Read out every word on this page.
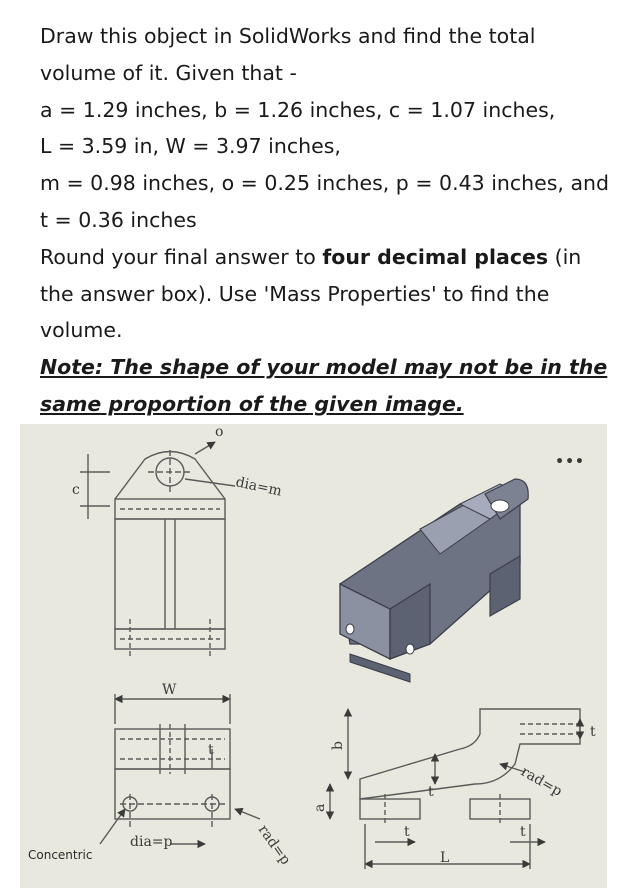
Draw this object in SolidWorks and find the total
volume of it. Given that -
a = 1.29 inches, b = 1.26 inches, c = 1.07 inches,
L = 3.59 in, W = 3.97 inches,
m = 0.98 inches, o = 0.25 inches, p = 0.43 inches, and
t = 0.36 inches
Round your final answer to four decimal places (in
the answer box). Use 'Mass Properties' to find the
volume.
Note: The shape of your model may not be in the
same proportion of the given image.
c
o
dia=m
W
t
dia=p	rad=p
b
a
rad=p
t
t
t	t
L
•••
Concentric
